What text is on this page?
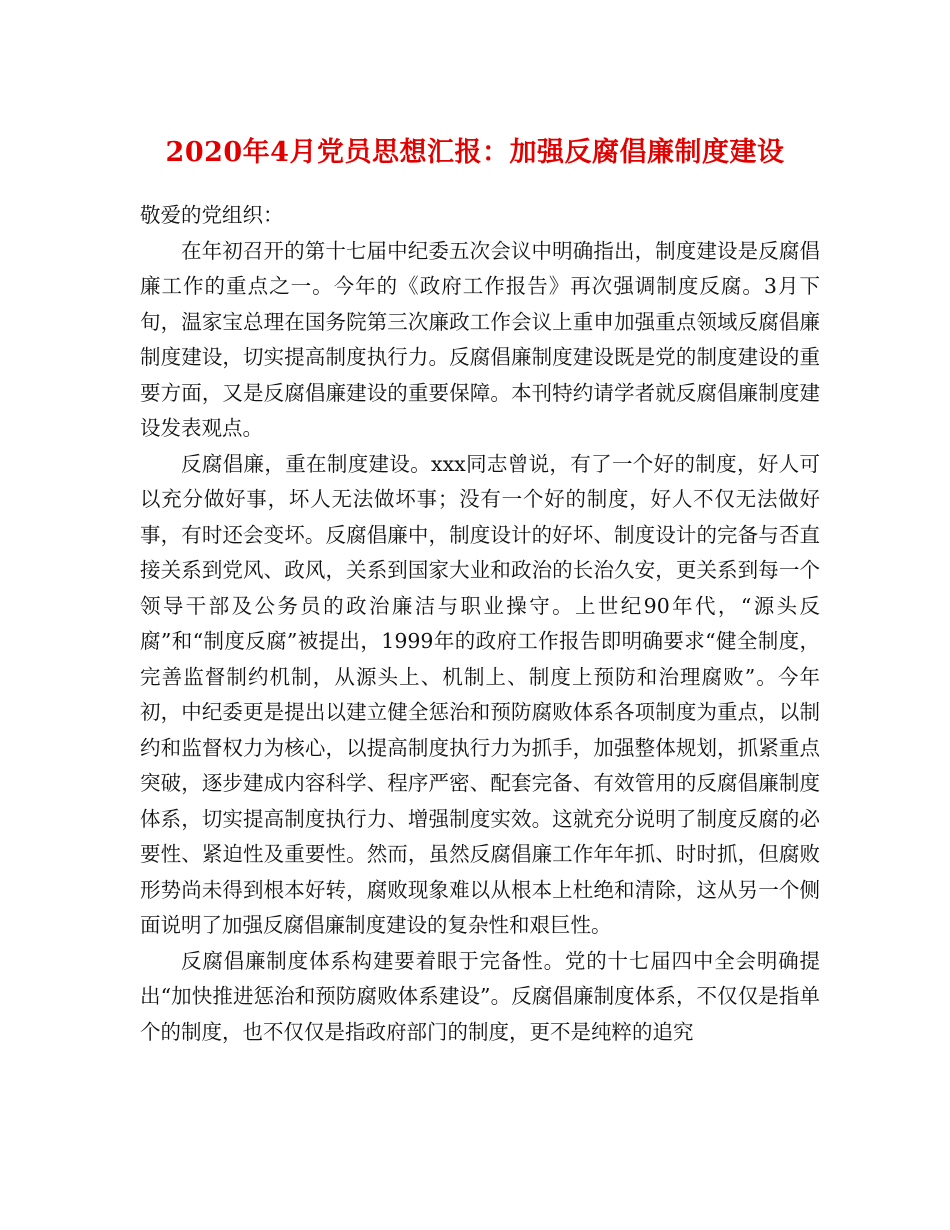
2020年4月党员思想汇报：加强反腐倡廉制度建设

敬爱的党组织：

在年初召开的第十七届中纪委五次会议中明确指出，制度建设是反腐倡廉工作的重点之一。今年的《政府工作报告》再次强调制度反腐。3月下旬，温家宝总理在国务院第三次廉政工作会议上重申加强重点领域反腐倡廉制度建设，切实提高制度执行力。反腐倡廉制度建设既是党的制度建设的重要方面，又是反腐倡廉建设的重要保障。本刊特约请学者就反腐倡廉制度建设发表观点。

反腐倡廉，重在制度建设。xxx同志曾说，有了一个好的制度，好人可以充分做好事，坏人无法做坏事；没有一个好的制度，好人不仅无法做好事，有时还会变坏。反腐倡廉中，制度设计的好坏、制度设计的完备与否直接关系到党风、政风，关系到国家大业和政治的长治久安，更关系到每一个领导干部及公务员的政治廉洁与职业操守。上世纪90年代，“源头反腐”和“制度反腐”被提出，1999年的政府工作报告即明确要求“健全制度，完善监督制约机制，从源头上、机制上、制度上预防和治理腐败”。今年初，中纪委更是提出以建立健全惩治和预防腐败体系各项制度为重点，以制约和监督权力为核心，以提高制度执行力为抓手，加强整体规划，抓紧重点突破，逐步建成内容科学、程序严密、配套完备、有效管用的反腐倡廉制度体系，切实提高制度执行力、增强制度实效。这就充分说明了制度反腐的必要性、紧迫性及重要性。然而，虽然反腐倡廉工作年年抓、时时抓，但腐败形势尚未得到根本好转，腐败现象难以从根本上杜绝和清除，这从另一个侧面说明了加强反腐倡廉制度建设的复杂性和艰巨性。

反腐倡廉制度体系构建要着眼于完备性。党的十七届四中全会明确提出“加快推进惩治和预防腐败体系建设”。反腐倡廉制度体系，不仅仅是指单个的制度，也不仅仅是指政府部门的制度，更不是纯粹的追究
